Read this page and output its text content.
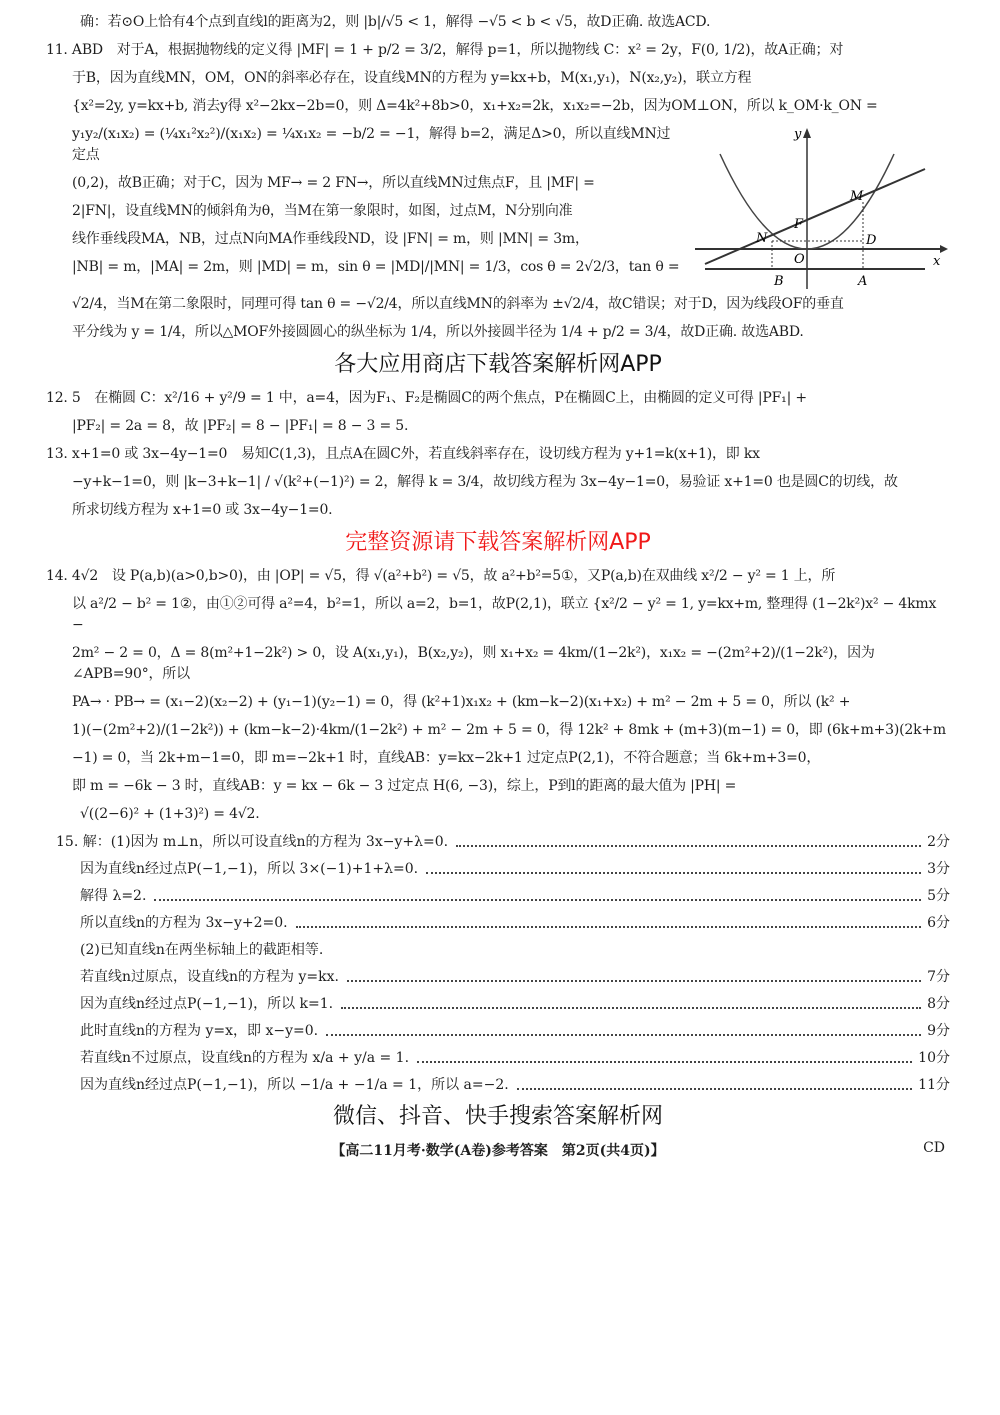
确：若⊙O上恰有4个点到直线l的距离为2，则 |b|/√5 < 1，解得 −√5 < b < √5，故D正确. 故选ACD.
11. ABD　对于A，根据抛物线的定义得 |MF| = 1 + p/2 = 3/2，解得 p=1，所以抛物线 C：x² = 2y，F(0, 1/2)，故A正确；对
于B，因为直线MN，OM，ON的斜率必存在，设直线MN的方程为 y=kx+b，M(x₁,y₁)，N(x₂,y₂)，联立方程
{x²=2y, y=kx+b, 消去y得 x²−2kx−2b=0，则 Δ=4k²+8b>0，x₁+x₂=2k，x₁x₂=−2b，因为OM⊥ON，所以 k_OM·k_ON =
y₁y₂/(x₁x₂) = (¼x₁²x₂²)/(x₁x₂) = ¼x₁x₂ = −b/2 = −1，解得 b=2，满足Δ>0，所以直线MN过定点
(0,2)，故B正确；对于C，因为 MF→ = 2 FN→，所以直线MN过焦点F，且 |MF| =
2|FN|，设直线MN的倾斜角为θ，当M在第一象限时，如图，过点M，N分别向准
线作垂线段MA，NB，过点N向MA作垂线段ND，设 |FN| = m，则 |MN| = 3m，
|NB| = m，|MA| = 2m，则 |MD| = m，sin θ = |MD|/|MN| = 1/3，cos θ = 2√2/3，tan θ =
y
x
M
F
N	D
O
B	A
√2/4，当M在第二象限时，同理可得 tan θ = −√2/4，所以直线MN的斜率为 ±√2/4，故C错误；对于D，因为线段OF的垂直
平分线为 y = 1/4，所以△MOF外接圆圆心的纵坐标为 1/4，所以外接圆半径为 1/4 + p/2 = 3/4，故D正确. 故选ABD.
各大应用商店下载答案解析网APP
12. 5　在椭圆 C：x²/16 + y²/9 = 1 中，a=4，因为F₁、F₂是椭圆C的两个焦点，P在椭圆C上，由椭圆的定义可得 |PF₁| +
|PF₂| = 2a = 8，故 |PF₂| = 8 − |PF₁| = 8 − 3 = 5.
13. x+1=0 或 3x−4y−1=0　易知C(1,3)，且点A在圆C外，若直线斜率存在，设切线方程为 y+1=k(x+1)，即 kx
−y+k−1=0，则 |k−3+k−1| / √(k²+(−1)²) = 2，解得 k = 3/4，故切线方程为 3x−4y−1=0，易验证 x+1=0 也是圆C的切线，故
所求切线方程为 x+1=0 或 3x−4y−1=0.
完整资源请下载答案解析网APP
14. 4√2　设 P(a,b)(a>0,b>0)，由 |OP| = √5，得 √(a²+b²) = √5，故 a²+b²=5①，又P(a,b)在双曲线 x²/2 − y² = 1 上，所
以 a²/2 − b² = 1②，由①②可得 a²=4，b²=1，所以 a=2，b=1，故P(2,1)，联立 {x²/2 − y² = 1, y=kx+m, 整理得 (1−2k²)x² − 4kmx −
2m² − 2 = 0，Δ = 8(m²+1−2k²) > 0，设 A(x₁,y₁)，B(x₂,y₂)，则 x₁+x₂ = 4km/(1−2k²)，x₁x₂ = −(2m²+2)/(1−2k²)，因为∠APB=90°，所以
PA→ · PB→ = (x₁−2)(x₂−2) + (y₁−1)(y₂−1) = 0，得 (k²+1)x₁x₂ + (km−k−2)(x₁+x₂) + m² − 2m + 5 = 0，所以 (k² +
1)(−(2m²+2)/(1−2k²)) + (km−k−2)·4km/(1−2k²) + m² − 2m + 5 = 0，得 12k² + 8mk + (m+3)(m−1) = 0，即 (6k+m+3)(2k+m
−1) = 0，当 2k+m−1=0，即 m=−2k+1 时，直线AB：y=kx−2k+1 过定点P(2,1)，不符合题意；当 6k+m+3=0，
即 m = −6k − 3 时，直线AB：y = kx − 6k − 3 过定点 H(6, −3)，综上，P到l的距离的最大值为 |PH| =
√((2−6)² + (1+3)²) = 4√2.
15. 解：(1)因为 m⊥n，所以可设直线n的方程为 3x−y+λ=0.	2分
因为直线n经过点P(−1,−1)，所以 3×(−1)+1+λ=0.	3分
解得 λ=2.	5分
所以直线n的方程为 3x−y+2=0.	6分
(2)已知直线n在两坐标轴上的截距相等.
若直线n过原点，设直线n的方程为 y=kx.	7分
因为直线n经过点P(−1,−1)，所以 k=1.	8分
此时直线n的方程为 y=x，即 x−y=0.	9分
若直线n不过原点，设直线n的方程为 x/a + y/a = 1.	10分
因为直线n经过点P(−1,−1)，所以 −1/a + −1/a = 1，所以 a=−2.	11分
微信、抖音、快手搜索答案解析网
【高二11月考·数学(A卷)参考答案　第2页(共4页)】	CD
